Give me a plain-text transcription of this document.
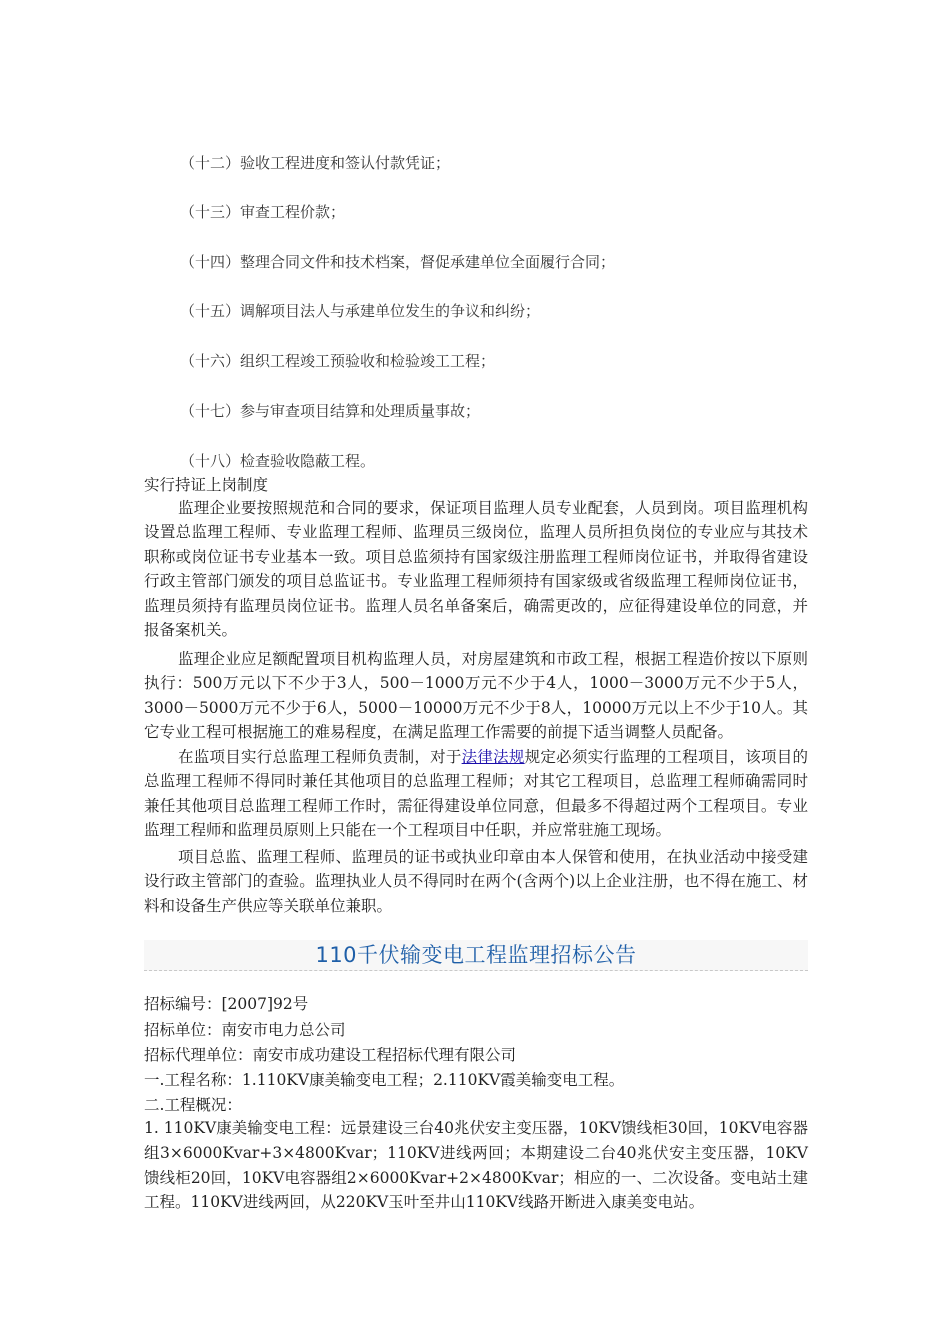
（十二）验收工程进度和签认付款凭证；
（十三）审查工程价款；
（十四）整理合同文件和技术档案，督促承建单位全面履行合同；
（十五）调解项目法人与承建单位发生的争议和纠纷；
（十六）组织工程竣工预验收和检验竣工工程；
（十七）参与审查项目结算和处理质量事故；
（十八）检查验收隐蔽工程。
实行持证上岗制度

监理企业要按照规范和合同的要求，保证项目监理人员专业配套，人员到岗。项目监理机构设置总监理工程师、专业监理工程师、监理员三级岗位，监理人员所担负岗位的专业应与其技术职称或岗位证书专业基本一致。项目总监须持有国家级注册监理工程师岗位证书，并取得省建设行政主管部门颁发的项目总监证书。专业监理工程师须持有国家级或省级监理工程师岗位证书，监理员须持有监理员岗位证书。监理人员名单备案后，确需更改的，应征得建设单位的同意，并报备案机关。

监理企业应足额配置项目机构监理人员，对房屋建筑和市政工程，根据工程造价按以下原则执行：500万元以下不少于3人，500－1000万元不少于4人，1000－3000万元不少于5人，3000－5000万元不少于6人，5000－10000万元不少于8人，10000万元以上不少于10人。其它专业工程可根据施工的难易程度，在满足监理工作需要的前提下适当调整人员配备。

在监项目实行总监理工程师负责制，对于法律法规规定必须实行监理的工程项目，该项目的总监理工程师不得同时兼任其他项目的总监理工程师；对其它工程项目，总监理工程师确需同时兼任其他项目总监理工程师工作时，需征得建设单位同意，但最多不得超过两个工程项目。专业监理工程师和监理员原则上只能在一个工程项目中任职，并应常驻施工现场。

项目总监、监理工程师、监理员的证书或执业印章由本人保管和使用，在执业活动中接受建设行政主管部门的查验。监理执业人员不得同时在两个(含两个)以上企业注册，也不得在施工、材料和设备生产供应等关联单位兼职。

110千伏输变电工程监理招标公告
招标编号：[2007]92号
招标单位：南安市电力总公司
招标代理单位：南安市成功建设工程招标代理有限公司
一.工程名称：1.110KV康美输变电工程；2.110KV霞美输变电工程。
二.工程概况：

1. 110KV康美输变电工程：远景建设三台40兆伏安主变压器，10KV馈线柜30回，10KV电容器组3×6000Kvar+3×4800Kvar；110KV进线两回；本期建设二台40兆伏安主变压器，10KV馈线柜20回，10KV电容器组2×6000Kvar+2×4800Kvar；相应的一、二次设备。变电站土建工程。110KV进线两回，从220KV玉叶至井山110KV线路开断进入康美变电站。
